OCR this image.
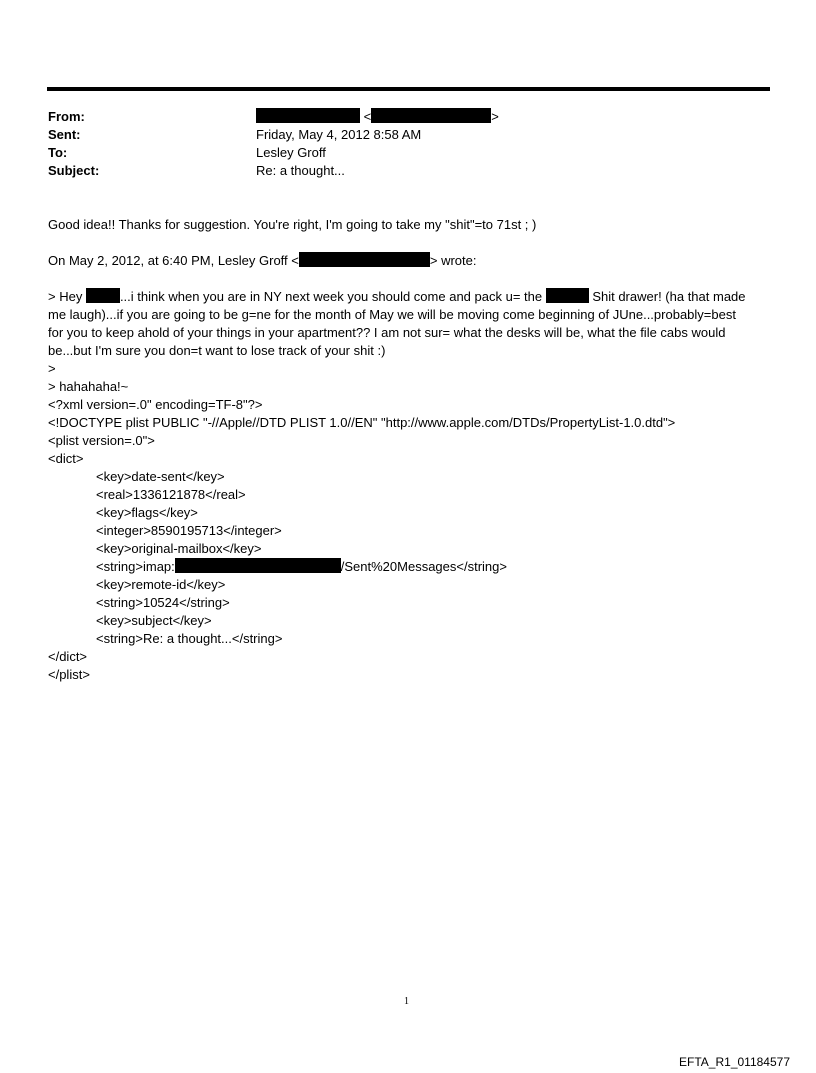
From:	<	>
Sent:	Friday, May 4, 2012 8:58 AM
To:	Lesley Groff
Subject:	Re: a thought...
Good idea!! Thanks for suggestion. You're right, I'm going to take my "shit"=to 71st ; )
On May 2, 2012, at 6:40 PM, Lesley Groff <	> wrote:
> Hey	...i think when you are in NY next week you should come and pack u= the	Shit drawer! (ha that made
me laugh)...if you are going to be g=ne for the month of May we will be moving come beginning of JUne...probably=best
for you to keep ahold of your things in your apartment?? I am not sur= what the desks will be, what the file cabs would
be...but I'm sure you don=t want to lose track of your shit :)
>
> hahahaha!~
<?xml version=.0" encoding=TF-8"?>
<!DOCTYPE plist PUBLIC "-//Apple//DTD PLIST 1.0//EN" "http://www.apple.com/DTDs/PropertyList-1.0.dtd">
<plist version=.0">
<dict>
<key>date-sent</key>
<real>1336121878</real>
<key>flags</key>
<integer>8590195713</integer>
<key>original-mailbox</key>
<string>imap:	/Sent%20Messages</string>
<key>remote-id</key>
<string>10524</string>
<key>subject</key>
<string>Re: a thought...</string>
</dict>
</plist>
1
EFTA_R1_01184577
